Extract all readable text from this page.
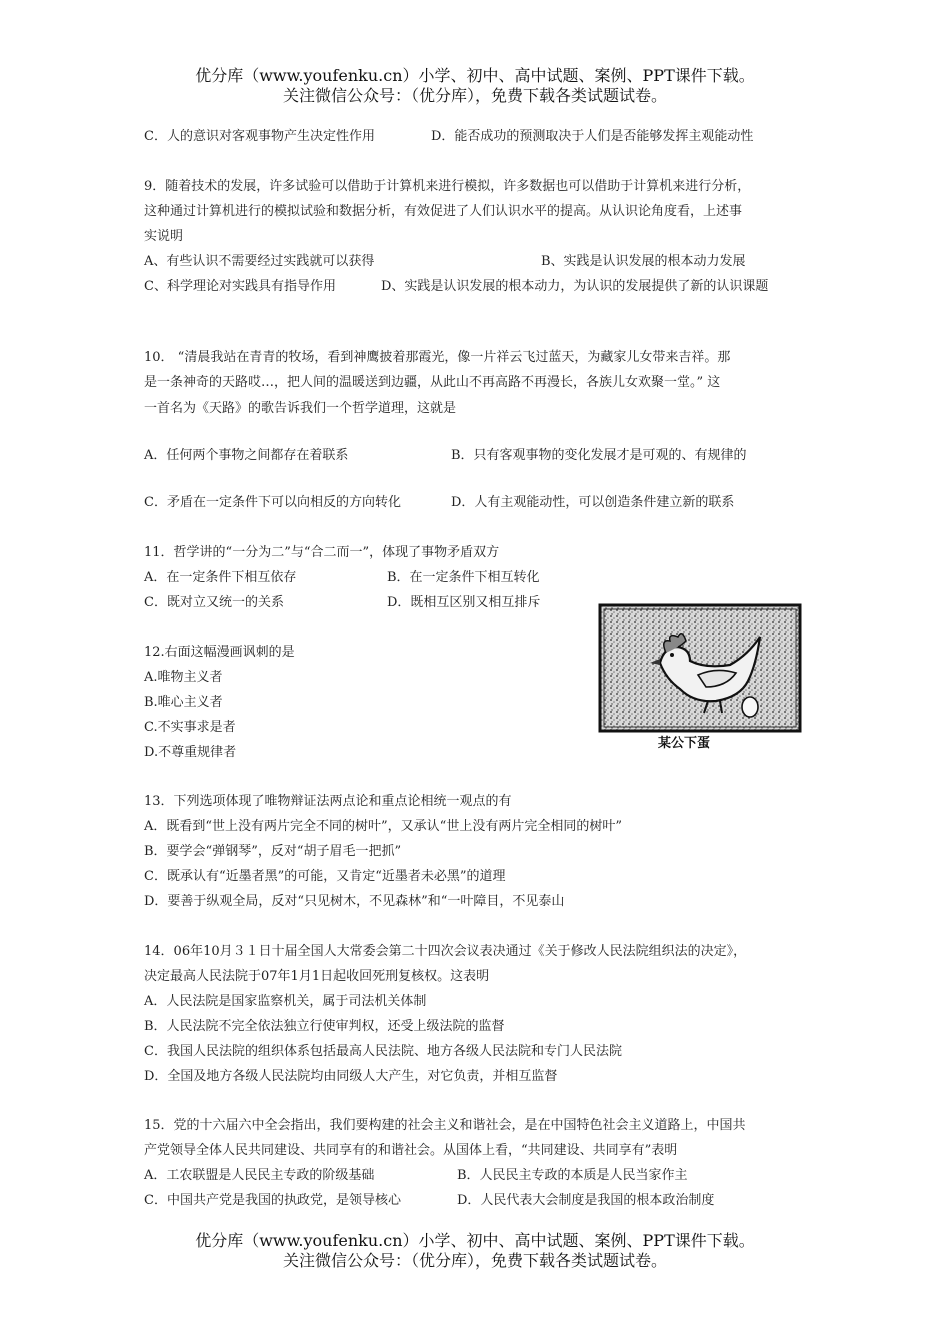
优分库（www.youfenku.cn）小学、初中、高中试题、案例、PPT课件下载。
关注微信公众号：（优分库），免费下载各类试题试卷。
C．人的意识对客观事物产生决定性作用	D．能否成功的预测取决于人们是否能够发挥主观能动性
9．随着技术的发展，许多试验可以借助于计算机来进行模拟，许多数据也可以借助于计算机来进行分析，
这种通过计算机进行的模拟试验和数据分析，有效促进了人们认识水平的提高。从认识论角度看，上述事
实说明
A、有些认识不需要经过实践就可以获得	B、实践是认识发展的根本动力发展
C、科学理论对实践具有指导作用	D、实践是认识发展的根本动力，为认识的发展提供了新的认识课题
10． “清晨我站在青青的牧场，看到神鹰披着那霞光，像一片祥云飞过蓝天，为藏家儿女带来吉祥。那
是一条神奇的天路哎…，把人间的温暖送到边疆，从此山不再高路不再漫长，各族儿女欢聚一堂。” 这
一首名为《天路》的歌告诉我们一个哲学道理，这就是
A．任何两个事物之间都存在着联系	B．只有客观事物的变化发展才是可观的、有规律的
C．矛盾在一定条件下可以向相反的方向转化	D．人有主观能动性，可以创造条件建立新的联系
11．哲学讲的“一分为二”与“合二而一”，体现了事物矛盾双方
A．在一定条件下相互依存	B．在一定条件下相互转化
C．既对立又统一的关系	D．既相互区别又相互排斥
12.右面这幅漫画讽刺的是
A.唯物主义者
B.唯心主义者
C.不实事求是者
D.不尊重规律者
某公下蛋
13．下列选项体现了唯物辩证法两点论和重点论相统一观点的有
A．既看到“世上没有两片完全不同的树叶”，又承认“世上没有两片完全相同的树叶”
B．要学会“弹钢琴”，反对“胡子眉毛一把抓”
C．既承认有“近墨者黑”的可能，又肯定“近墨者未必黑”的道理
D．要善于纵观全局，反对“只见树木，不见森林”和“一叶障目，不见泰山
14．06年10月３１日十届全国人大常委会第二十四次会议表决通过《关于修改人民法院组织法的决定》，
决定最高人民法院于07年1月1日起收回死刑复核权。这表明
A．人民法院是国家监察机关，属于司法机关体制
B．人民法院不完全依法独立行使审判权，还受上级法院的监督
C．我国人民法院的组织体系包括最高人民法院、地方各级人民法院和专门人民法院
D．全国及地方各级人民法院均由同级人大产生，对它负责，并相互监督
15．党的十六届六中全会指出，我们要构建的社会主义和谐社会，是在中国特色社会主义道路上，中国共
产党领导全体人民共同建设、共同享有的和谐社会。从国体上看，“共同建设、共同享有”表明
A．工农联盟是人民民主专政的阶级基础	B．人民民主专政的本质是人民当家作主
C．中国共产党是我国的执政党，是领导核心	D．人民代表大会制度是我国的根本政治制度
优分库（www.youfenku.cn）小学、初中、高中试题、案例、PPT课件下载。
关注微信公众号：（优分库），免费下载各类试题试卷。
